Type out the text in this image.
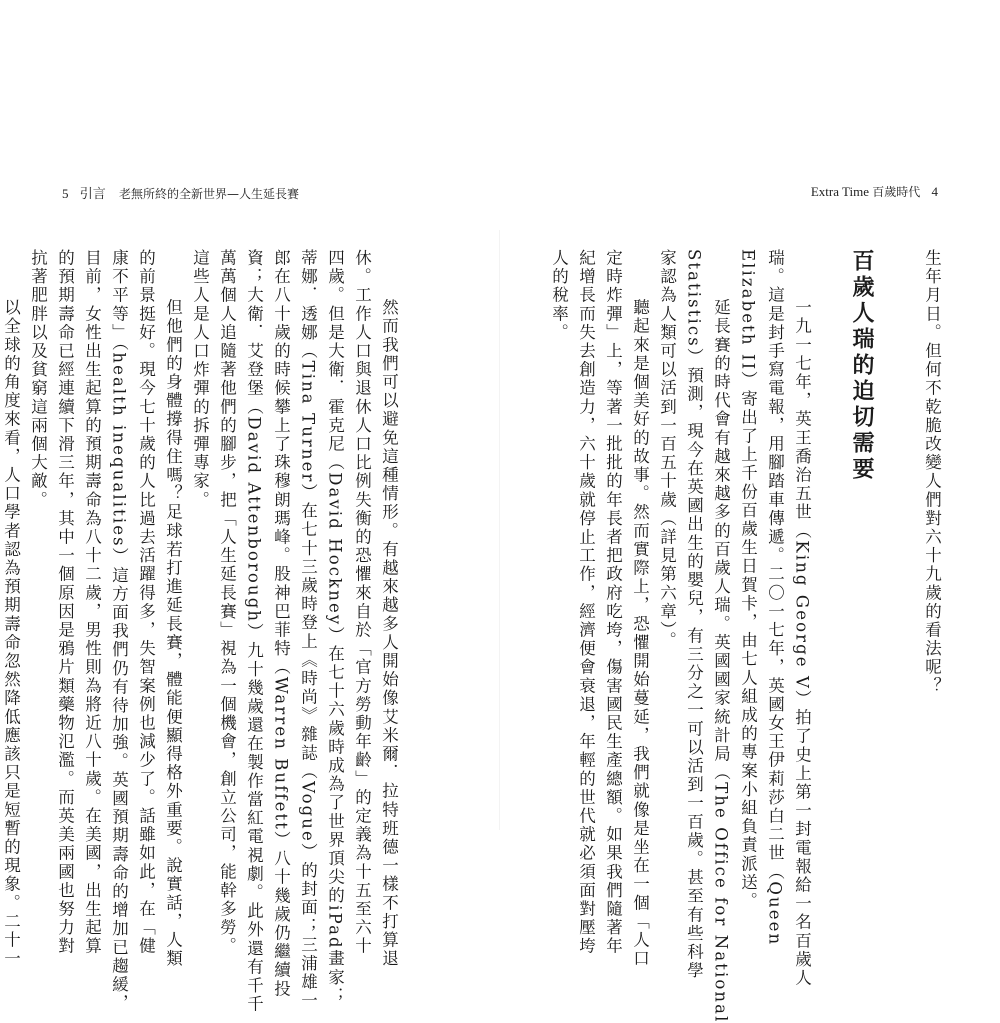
5 引言 老無所終的全新世界—人生延長賽	Extra Time 百歲時代 4
生年月日。但何不乾脆改變人們對六十九歲的看法呢？
百歲人瑞的迫切需要
　一九一七年，英王喬治五世（King George V）拍了史上第一封電報給一名百歲人
瑞。這是封手寫電報，用腳踏車傳遞。二〇一七年，英國女王伊莉莎白二世（Queen
Elizabeth II）寄出了上千份百歲生日賀卡，由七人組成的專案小組負責派送。
　延長賽的時代會有越來越多的百歲人瑞。英國國家統計局（The Office for National
Statistics）預測，現今在英國出生的嬰兒，有三分之一可以活到一百歲。甚至有些科學
家認為人類可以活到一百五十歲（詳見第六章）。
　聽起來是個美好的故事。然而實際上，恐懼開始蔓延，我們就像是坐在一個「人口
定時炸彈」上，等著一批批的年長者把政府吃垮，傷害國民生產總額。如果我們隨著年
紀增長而失去創造力，六十歲就停止工作，經濟便會衰退，年輕的世代就必須面對壓垮
人的稅率。
　然而我們可以避免這種情形。有越來越多人開始像艾米爾．拉特班德一樣不打算退
休。工作人口與退休人口比例失衡的恐懼來自於「官方勞動年齡」的定義為十五至六十
四歲。但是大衛．霍克尼（David Hockney）在七十六歲時成為了世界頂尖的iPad畫家；
蒂娜．透娜（Tina Turner）在七十三歲時登上《時尚》雜誌（Vogue）的封面；三浦雄一
郎在八十歲的時候攀上了珠穆朗瑪峰。股神巴菲特（Warren Buffett）八十幾歲仍繼續投
資；大衛．艾登堡（David Attenborough）九十幾歲還在製作當紅電視劇。此外還有千千
萬萬個人追隨著他們的腳步，把「人生延長賽」視為一個機會，創立公司，能幹多勞。
這些人是人口炸彈的拆彈專家。
　但他們的身體撐得住嗎？足球若打進延長賽，體能便顯得格外重要。說實話，人類
的前景挺好。現今七十歲的人比過去活躍得多，失智案例也減少了。話雖如此，在「健
康不平等」（health inequalities）這方面我們仍有待加強。英國預期壽命的增加已趨緩，
目前，女性出生起算的預期壽命為八十二歲，男性則為將近八十歲。在美國，出生起算
的預期壽命已經連續下滑三年，其中一個原因是鴉片類藥物氾濫。而英美兩國也努力對
抗著肥胖以及貧窮這兩個大敵。
　以全球的角度來看，人口學者認為預期壽命忽然降低應該只是短暫的現象。二十一
